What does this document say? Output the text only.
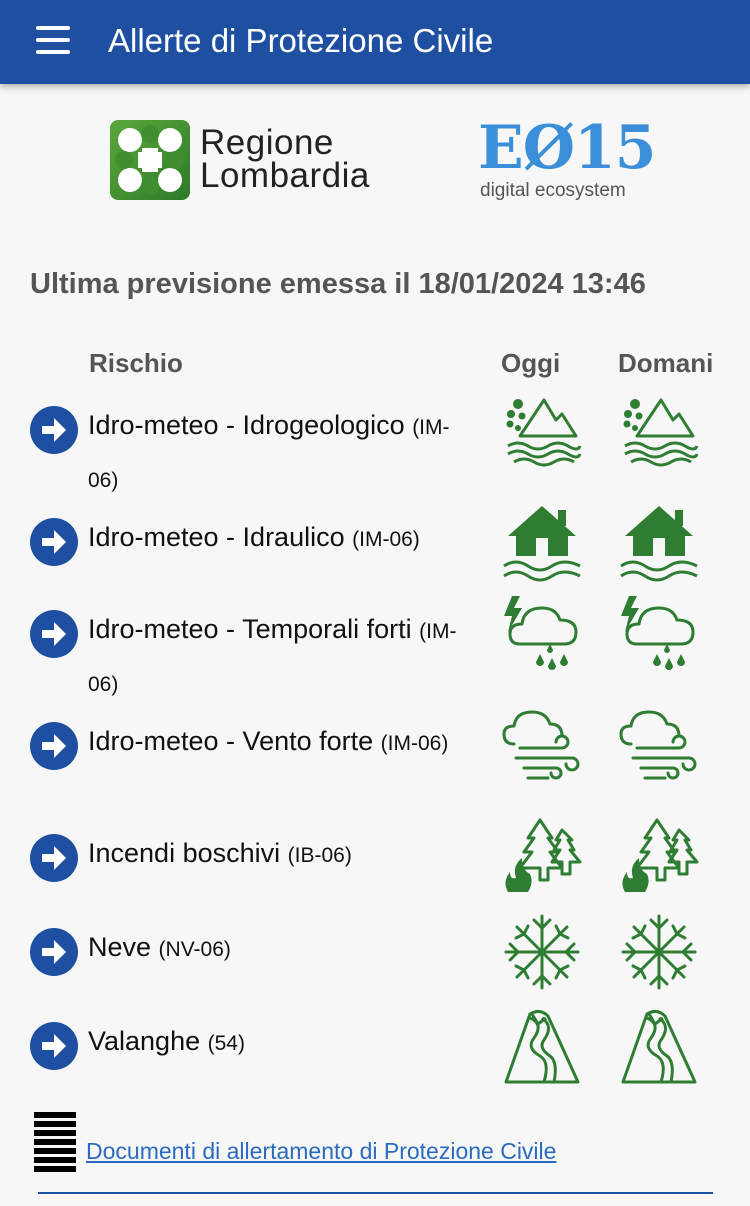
Allerte di Protezione Civile
Regione
Lombardia EØ15
digital ecosystem
Ultima previsione emessa il 18/01/2024 13:46
Rischio	Oggi Domani
Idro-meteo - Idrogeologico (IM-06)
Idro-meteo - Idraulico (IM-06)
Idro-meteo - Temporali forti (IM-06)
Idro-meteo - Vento forte (IM-06)
Incendi boschivi (IB-06)
Neve (NV-06)
Valanghe (54)
Documenti di allertamento di Protezione Civile
